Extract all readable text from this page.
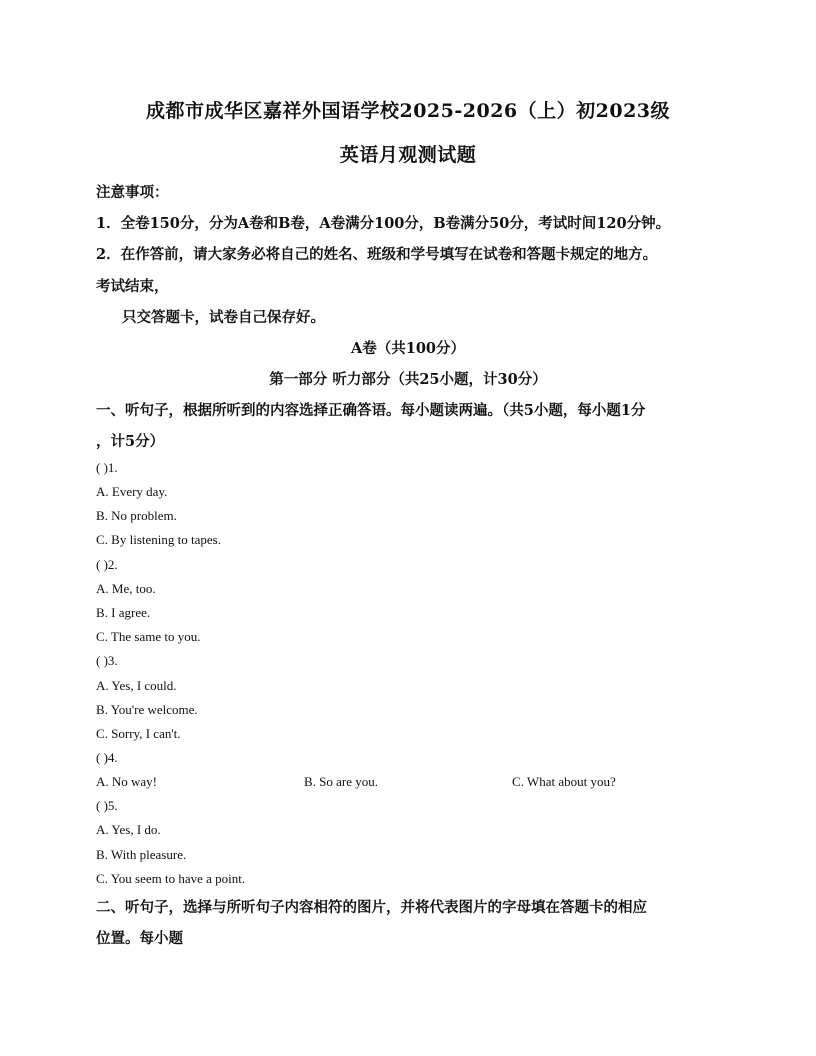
成都市成华区嘉祥外国语学校2025-2026（上）初2023级
英语月观测试题
注意事项：
1．全卷150分，分为A卷和B卷，A卷满分100分，B卷满分50分，考试时间120分钟。
2．在作答前，请大家务必将自己的姓名、班级和学号填写在试卷和答题卡规定的地方。
考试结束，
只交答题卡，试卷自己保存好。
A卷（共100分）
第一部分 听力部分（共25小题，计30分）
一、听句子，根据所听到的内容选择正确答语。每小题读两遍。（共5小题，每小题1分
，计5分）
( )1.
A. Every day.
B. No problem.
C. By listening to tapes.
( )2.
A. Me, too.
B. I agree.
C. The same to you.
( )3.
A. Yes, I could.
B. You're welcome.
C. Sorry, I can't.
( )4.
A. No way!	B. So are you.	C. What about you?
( )5.
A. Yes, I do.
B. With pleasure.
C. You seem to have a point.
二、听句子，选择与所听句子内容相符的图片，并将代表图片的字母填在答题卡的相应
位置。每小题
